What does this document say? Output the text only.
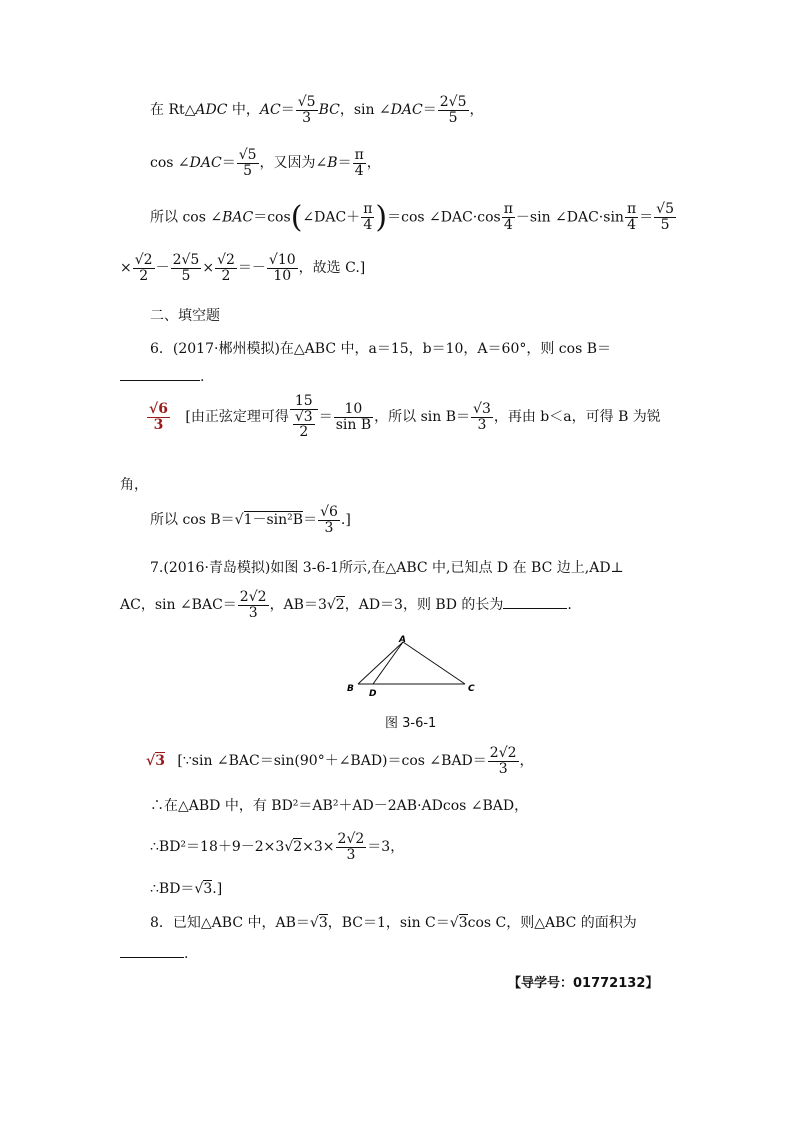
在 Rt△ADC 中，$AC= \frac{√5}{3}$ BC，sin ∠DAC＝ $\frac{2√5}{5}$ ，
cos ∠DAC＝ $\frac{√5}{5}$ ，又因为∠B＝ $\frac{\pi}{4}$ ，
所以 cos ∠BAC＝cos(∠DAC＋ $\frac{\pi}{4} )=\cos$ ∠DAC·cos $\frac{\pi}{4} -\sin$ ∠DAC·sin $\frac{\pi}{4} = \frac{√5}{5}$
× $\frac{√2}{2} - \frac{2√5}{5} \times \frac{√2}{2} =- \frac{√10}{10}$ ，故选 C.]
二、填空题
6．(2017·郴州模拟)在△ABC 中，a＝15，b＝10，A＝60°，则 cos B＝
.
$\frac{√6}{3}$ [由正弦定理可得 $\frac{15}{\frac{√3}{2}} = \frac{10}{\text{sin B}}$ ，所以 $\sin B= \frac{√3}{3}$ ，再由 b＜a，可得 B 为锐
角，
所以 $\cos B=√1-\sin^2B= \frac{√6}{3}$ .]
7.(2016·青岛模拟)如图 3-6-1所示,在△ABC 中,已知点 D 在 BC 边上,AD⊥
AC，sin ∠BAC＝ $\frac{2√2}{3}$ ，AB＝3√2，AD＝3，则 BD 的长为	.
A
B D	C
图 3-6-1
√3 [∵sin ∠BAC＝sin(90°＋∠BAD)＝cos ∠BAD＝ $\frac{2√2}{3}$ ，
∴在△ABD 中，有 BD²＝AB²＋AD－2AB·ADcos ∠BAD，
∴BD²＝18＋9－2×3√2×3× $\frac{2√2}{3} =3$，
∴BD＝√3.]
8．已知△ABC 中，AB＝√3，BC＝1，sin C＝√3cos C，则△ABC 的面积为
.
【导学号：01772132】
